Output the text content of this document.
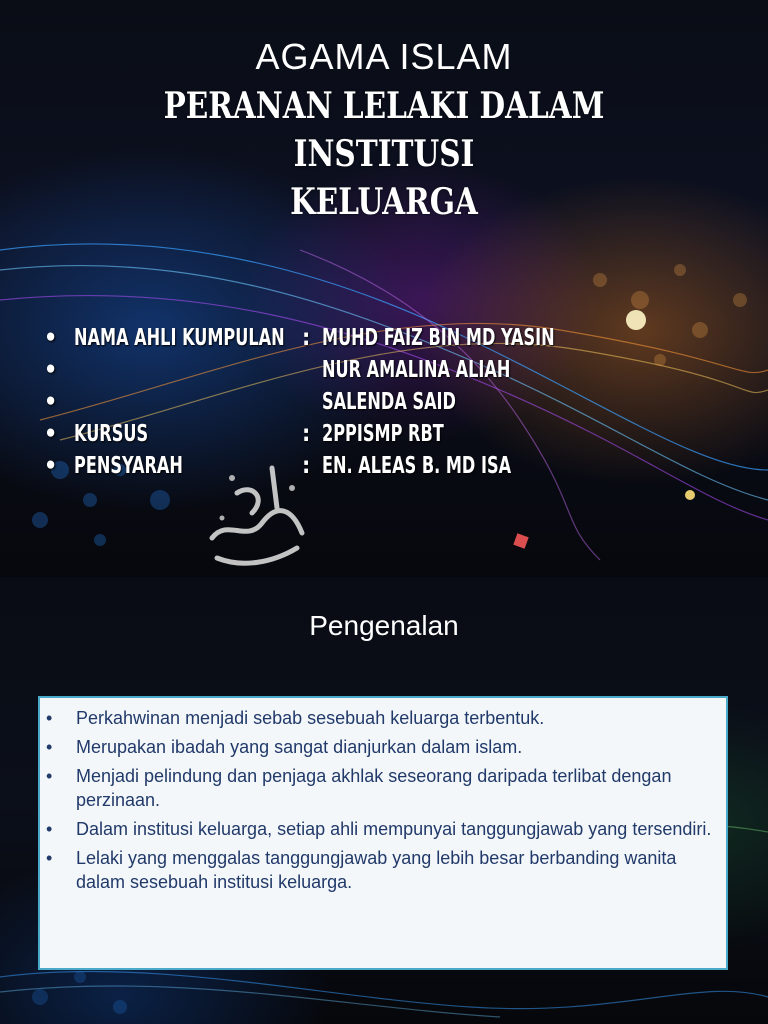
AGAMA ISLAM
PERANAN LELAKI DALAM INSTITUSI
KELUARGA
• NAMA AHLI KUMPULAN : MUHD FAIZ BIN MD YASIN
•	NUR AMALINA ALIAH
•	SALENDA SAID
• KURSUS	: 2PPISMP RBT
• PENSYARAH	: EN. ALEAS B. MD ISA
Pengenalan
• Perkahwinan menjadi sebab sesebuah keluarga terbentuk.
• Merupakan ibadah yang sangat dianjurkan dalam islam.
• Menjadi pelindung dan penjaga akhlak seseorang daripada terlibat dengan perzinaan.
• Dalam institusi keluarga, setiap ahli mempunyai tanggungjawab yang tersendiri.
• Lelaki yang menggalas tanggungjawab yang lebih besar berbanding wanita dalam sesebuah institusi keluarga.
